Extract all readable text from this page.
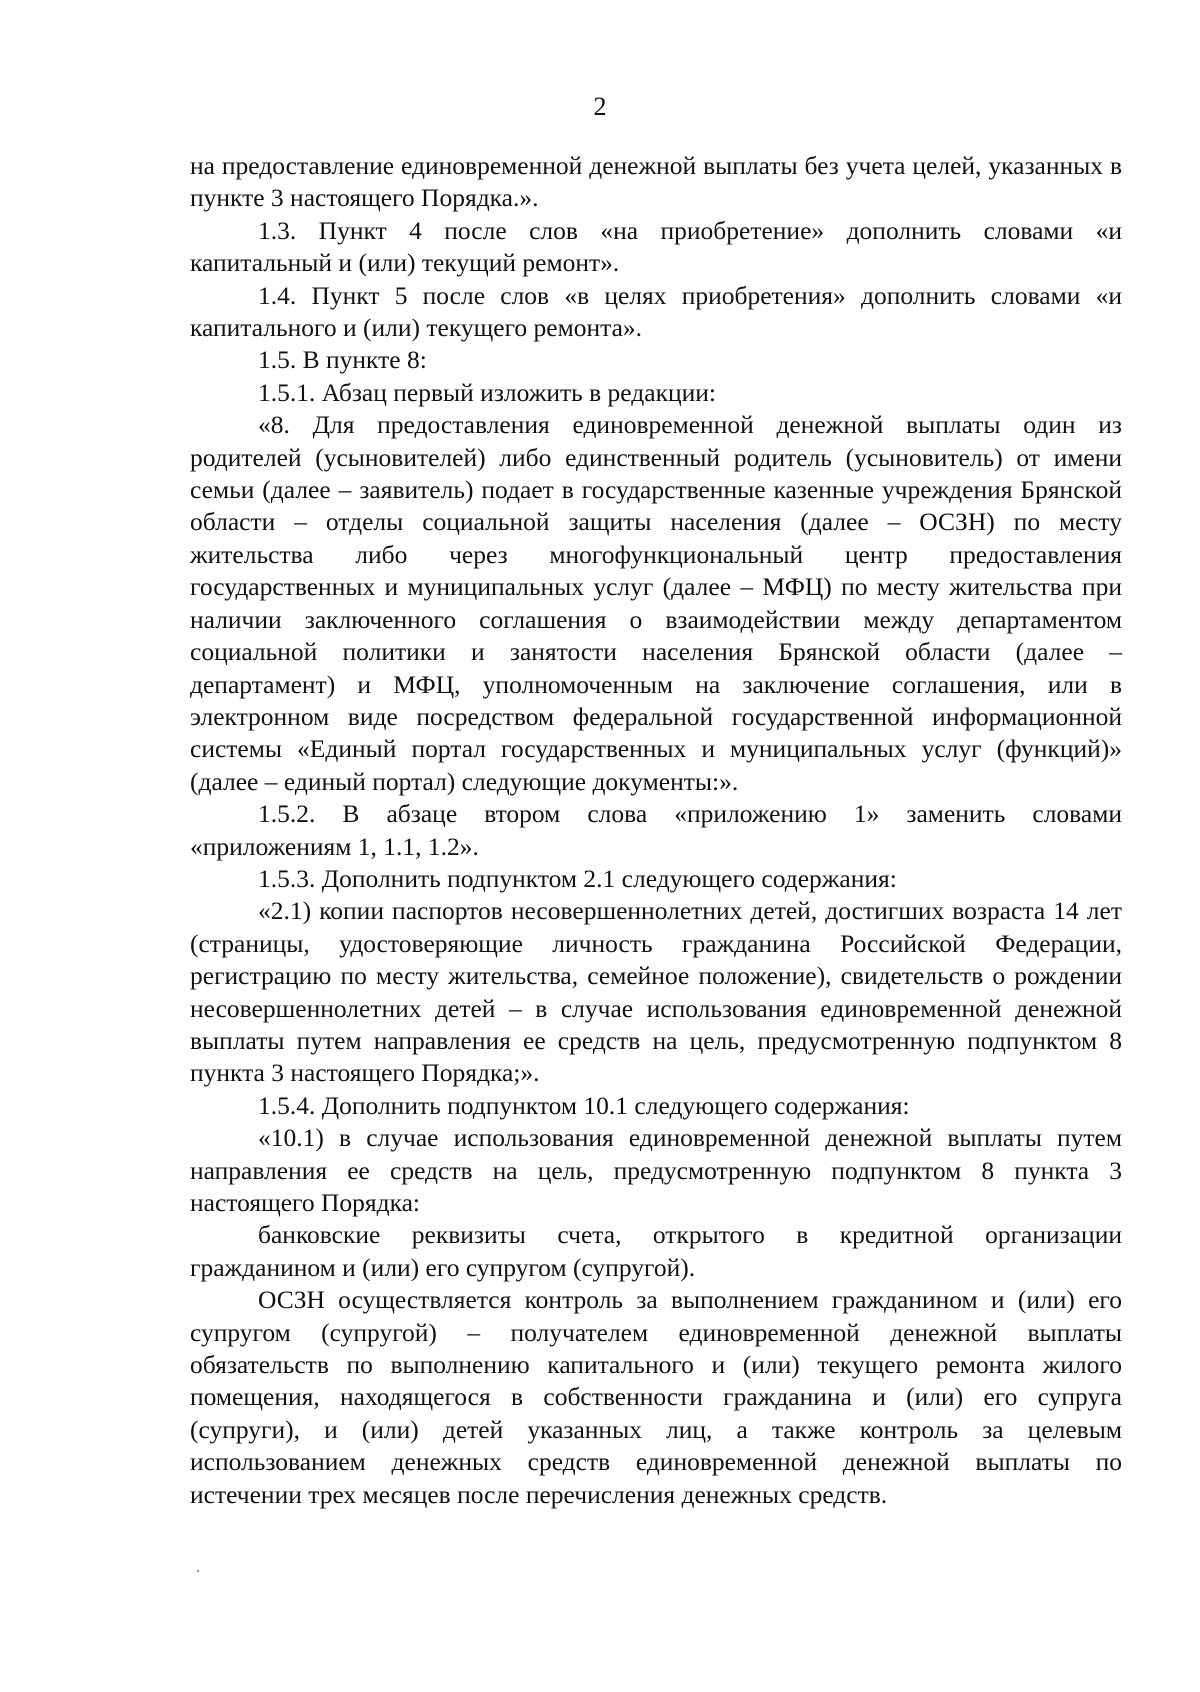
2

на предоставление единовременной денежной выплаты без учета целей, указанных в пункте 3 настоящего Порядка.».

1.3. Пункт 4 после слов «на приобретение» дополнить словами «и капитальный и (или) текущий ремонт».

1.4. Пункт 5 после слов «в целях приобретения» дополнить словами «и капитального и (или) текущего ремонта».

1.5. В пункте 8:

1.5.1. Абзац первый изложить в редакции:

«8. Для предоставления единовременной денежной выплаты один из родителей (усыновителей) либо единственный родитель (усыновитель) от имени семьи (далее – заявитель) подает в государственные казенные учреждения Брянской области – отделы социальной защиты населения (далее – ОСЗН) по месту жительства либо через многофункциональный центр предоставления государственных и муниципальных услуг (далее – МФЦ) по месту жительства при наличии заключенного соглашения о взаимодействии между департаментом социальной политики и занятости населения Брянской области (далее – департамент) и МФЦ, уполномоченным на заключение соглашения, или в электронном виде посредством федеральной государственной информационной системы «Единый портал государственных и муниципальных услуг (функций)» (далее – единый портал) следующие документы:».

1.5.2. В абзаце втором слова «приложению 1» заменить словами «приложениям 1, 1.1, 1.2».

1.5.3. Дополнить подпунктом 2.1 следующего содержания:

«2.1) копии паспортов несовершеннолетних детей, достигших возраста 14 лет (страницы, удостоверяющие личность гражданина Российской Федерации, регистрацию по месту жительства, семейное положение), свидетельств о рождении несовершеннолетних детей – в случае использования единовременной денежной выплаты путем направления ее средств на цель, предусмотренную подпунктом 8 пункта 3 настоящего Порядка;».

1.5.4. Дополнить подпунктом 10.1 следующего содержания:

«10.1) в случае использования единовременной денежной выплаты путем направления ее средств на цель, предусмотренную подпунктом 8 пункта 3 настоящего Порядка:

банковские реквизиты счета, открытого в кредитной организации гражданином и (или) его супругом (супругой).

ОСЗН осуществляется контроль за выполнением гражданином и (или) его супругом (супругой) – получателем единовременной денежной выплаты обязательств по выполнению капитального и (или) текущего ремонта жилого помещения, находящегося в собственности гражданина и (или) его супруга (супруги), и (или) детей указанных лиц, а также контроль за целевым использованием денежных средств единовременной денежной выплаты по истечении трех месяцев после перечисления денежных средств.
